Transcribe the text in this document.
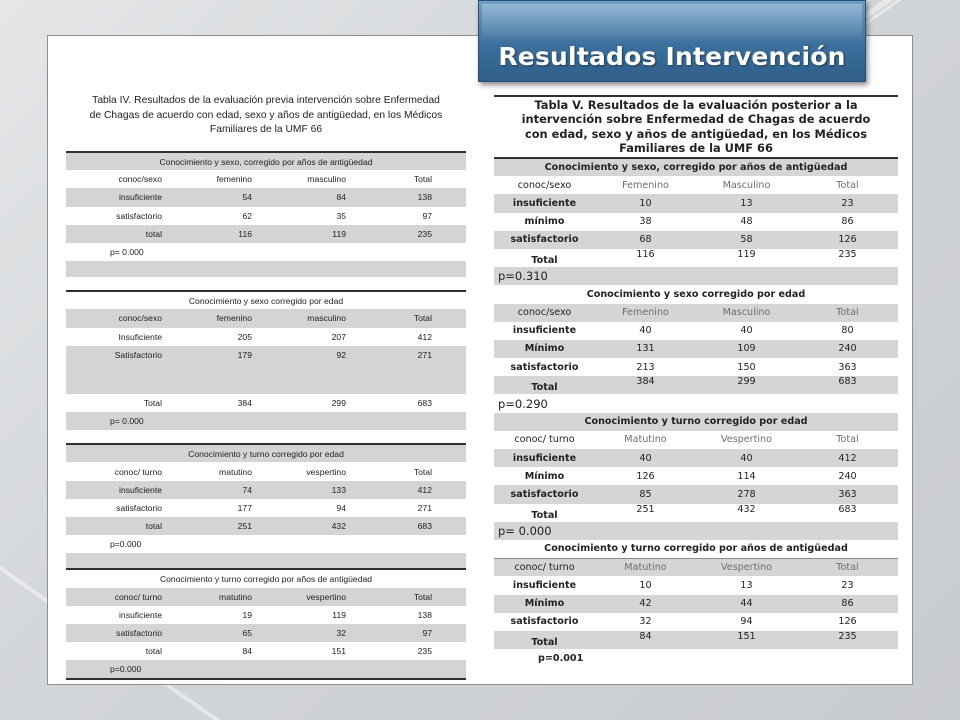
Resultados Intervención
Tabla IV. Resultados de la evaluación previa intervención sobre Enfermedad
de Chagas de acuerdo con edad, sexo y años de antigüedad, en los Médicos
Familiares de la UMF 66
Conocimiento y sexo, corregido por años de antigüedad			
conoc/sexo	femenino	masculino	Total
insuficiente	54	84	138
satisfactorio	62	35	97
total	116	119	235
p= 0.000			

Conocimiento y sexo corregido por edad			
conoc/sexo	femenino	masculino	Total
Insuficiente	205	207	412
Satisfactorio	179	92	271

Total	384	299	683
p= 0.000			

Conocimiento y turno corregido por edad			
conoc/ turno	matutino	vespertino	Total
insuficiente	74	133	412
satisfactorio	177	94	271
total	251	432	683
p=0.000			

Conocimiento y turno corregido por años de antigüedad			
conoc/ turno	matutino	vespertino	Total
insuficiente	19	119	138
satisfactorio	65	32	97
total	84	151	235
p=0.000			
Tabla V. Resultados de la evaluación posterior a la
intervención sobre Enfermedad de Chagas de acuerdo
con edad, sexo y años de antigüedad, en los Médicos
Familiares de la UMF 66
Conocimiento y sexo, corregido por años de antigüedad			
conoc/sexo	Femenino	Masculino	Total
insuficiente	10	13	23
mínimo	38	48	86
satisfactorio	68	58	126
Total	116	119	235
p=0.310			
Conocimiento y sexo corregido por edad			
conoc/sexo	Femenino	Masculino	Total
insuficiente	40	40	80
Mínimo	131	109	240
satisfactorio	213	150	363
Total	384	299	683
p=0.290			
Conocimiento y turno corregido por edad			
conoc/ turno	Matutino	Vespertino	Total
insuficiente	40	40	412
Mínimo	126	114	240
satisfactorio	85	278	363
Total	251	432	683
p= 0.000			
Conocimiento y turno corregido por años de antigüedad			
conoc/ turno	Matutino	Vespertino	Total
insuficiente	10	13	23
Mínimo	42	44	86
satisfactorio	32	94	126
Total	84	151	235
p=0.001			
